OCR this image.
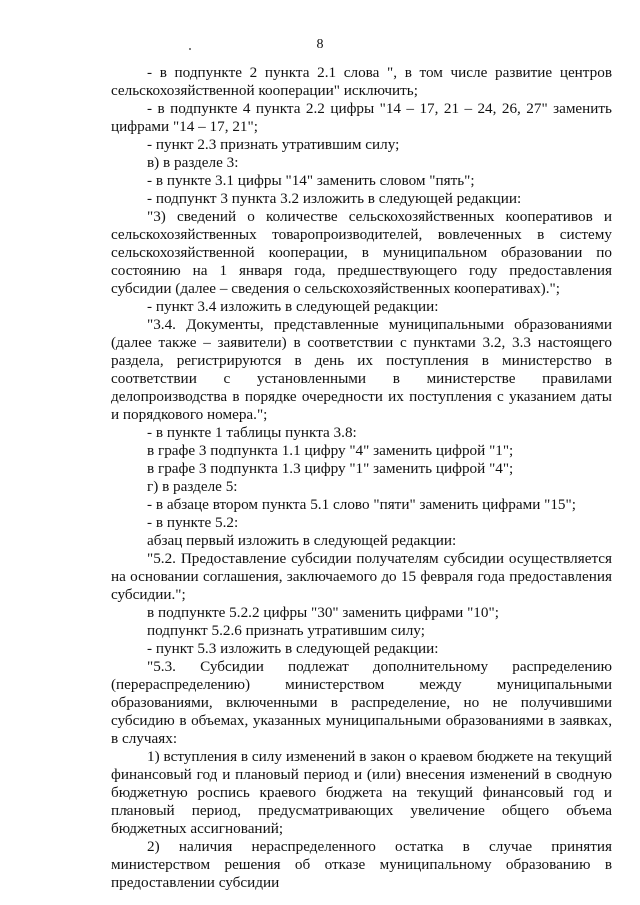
8

- в подпункте 2 пункта 2.1 слова ", в том числе развитие центров сельскохозяйственной кооперации" исключить;

- в подпункте 4 пункта 2.2 цифры "14 – 17, 21 – 24, 26, 27" заменить цифрами "14 – 17, 21";

- пункт 2.3 признать утратившим силу;

в) в разделе 3:

- в пункте 3.1 цифры "14" заменить словом "пять";

- подпункт 3 пункта 3.2 изложить в следующей редакции:

"3) сведений о количестве сельскохозяйственных кооперативов и сельскохозяйственных товаропроизводителей, вовлеченных в систему сельскохозяйственной кооперации, в муниципальном образовании по состоянию на 1 января года, предшествующего году предоставления субсидии (далее – сведения о сельскохозяйственных кооперативах).";

- пункт 3.4 изложить в следующей редакции:

"3.4. Документы, представленные муниципальными образованиями (далее также – заявители) в соответствии с пунктами 3.2, 3.3 настоящего раздела, регистрируются в день их поступления в министерство в соответствии с установленными в министерстве правилами делопроизводства в порядке очередности их поступления с указанием даты и порядкового номера.";

- в пункте 1 таблицы пункта 3.8:

в графе 3 подпункта 1.1 цифру "4" заменить цифрой "1";

в графе 3 подпункта 1.3 цифру "1" заменить цифрой "4";

г) в разделе 5:

- в абзаце втором пункта 5.1 слово "пяти" заменить цифрами "15";

- в пункте 5.2:

абзац первый изложить в следующей редакции:

"5.2. Предоставление субсидии получателям субсидии осуществляется на основании соглашения, заключаемого до 15 февраля года предоставления субсидии.";

в подпункте 5.2.2 цифры "30" заменить цифрами "10";

подпункт 5.2.6 признать утратившим силу;

- пункт 5.3 изложить в следующей редакции:

"5.3. Субсидии подлежат дополнительному распределению (перераспределению) министерством между муниципальными образованиями, включенными в распределение, но не получившими субсидию в объемах, указанных муниципальными образованиями в заявках, в случаях:

1) вступления в силу изменений в закон о краевом бюджете на текущий финансовый год и плановый период и (или) внесения изменений в сводную бюджетную роспись краевого бюджета на текущий финансовый год и плановый период, предусматривающих увеличение общего объема бюджетных ассигнований;

2) наличия нераспределенного остатка в случае принятия министерством решения об отказе муниципальному образованию в предоставлении субсидии
